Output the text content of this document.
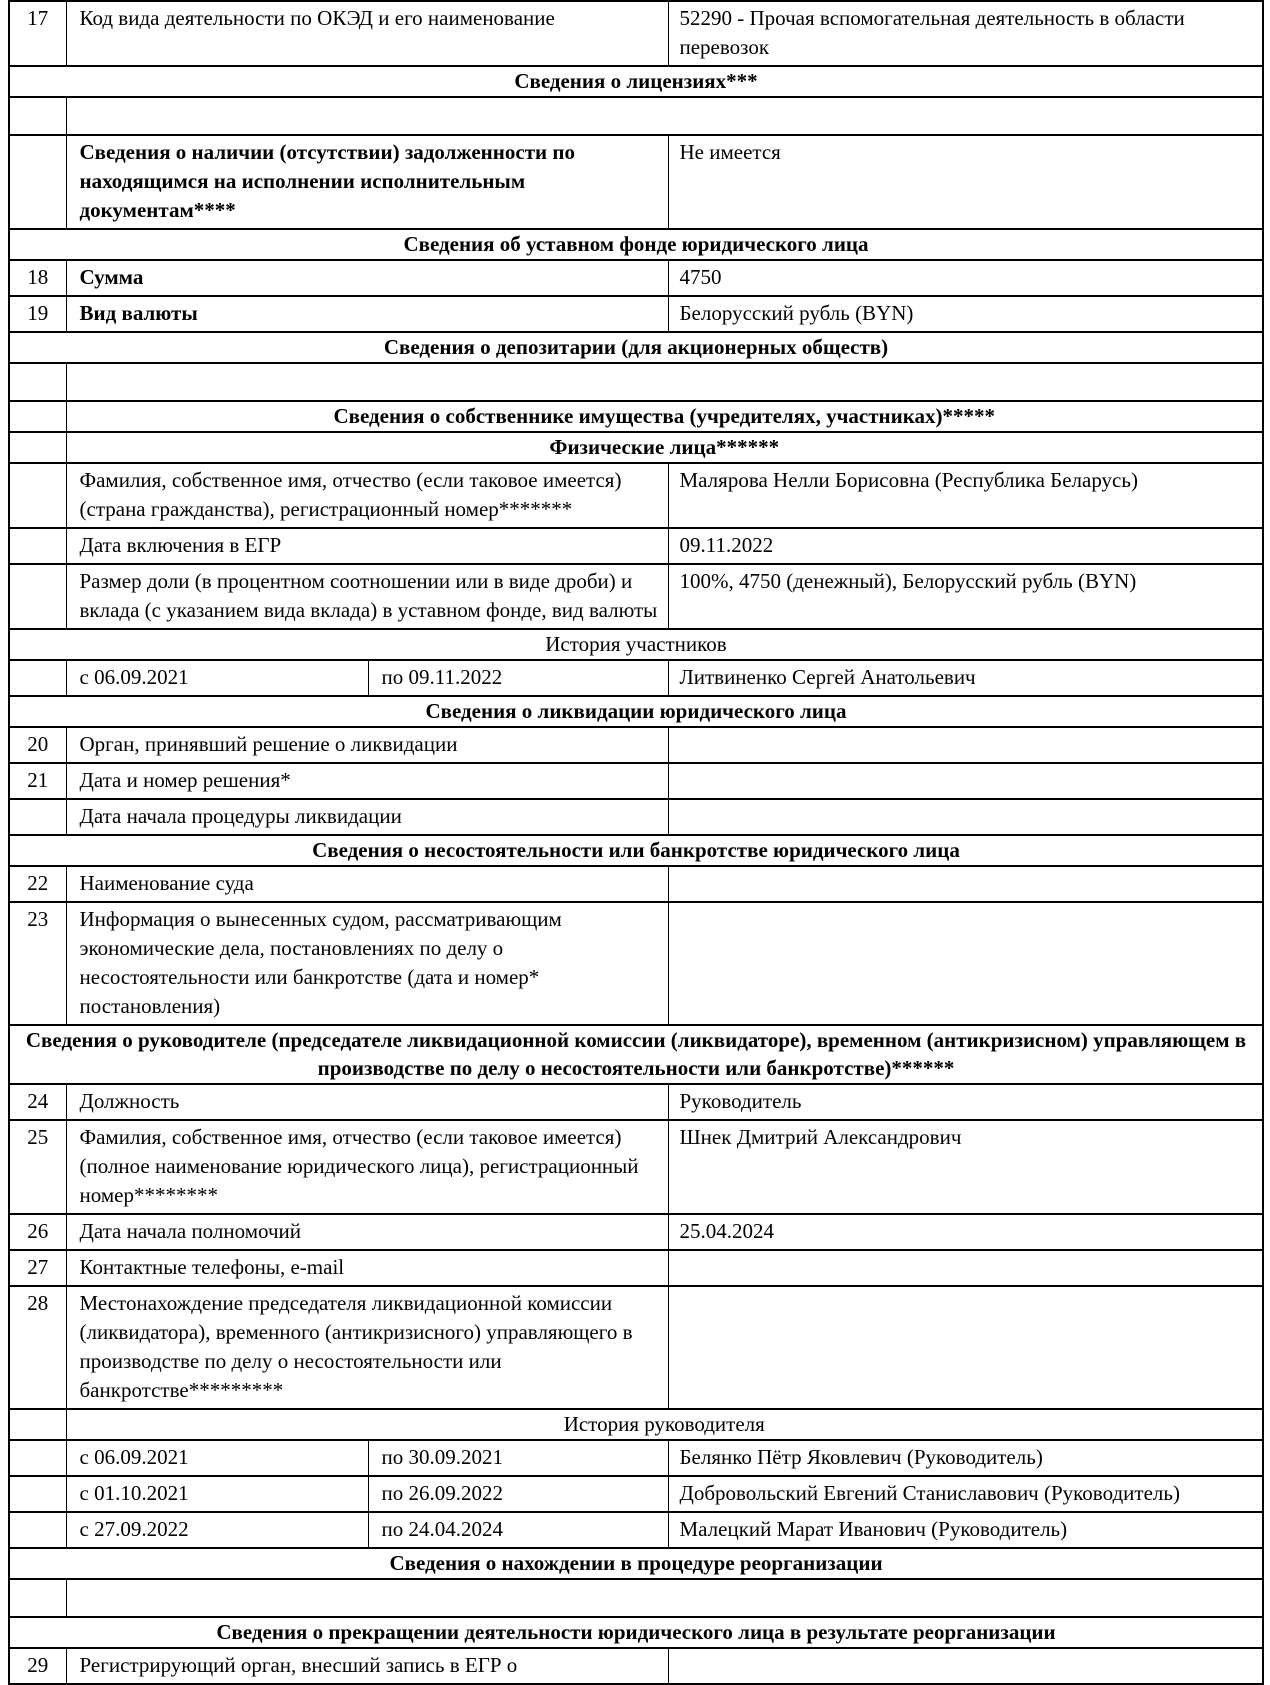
17	Код вида деятельности по ОКЭД и его наименование		52290 - Прочая вспомогательная деятельность в области перевозок
Сведения о лицензиях***			

	Сведения о наличии (отсутствии) задолженности по находящимся на исполнении исполнительным документам****		Не имеется
Сведения об уставном фонде юридического лица			
18	Сумма		4750
19	Вид валюты		Белорусский рубль (BYN)
Сведения о депозитарии (для акционерных обществ)			

	Сведения о собственнике имущества (учредителях, участниках)*****		
	Физические лица******		
	Фамилия, собственное имя, отчество (если таковое имеется) (страна гражданства), регистрационный номер*******		Малярова Нелли Борисовна (Республика Беларусь)
	Дата включения в ЕГР		09.11.2022
	Размер доли (в процентном соотношении или в виде дроби) и вклада (с указанием вида вклада) в уставном фонде, вид валюты		100%, 4750 (денежный), Белорусский рубль (BYN)
История участников			
	с 06.09.2021	по 09.11.2022	Литвиненко Сергей Анатольевич
Сведения о ликвидации юридического лица			
20	Орган, принявший решение о ликвидации		
21	Дата и номер решения*		
	Дата начала процедуры ликвидации		
Сведения о несостоятельности или банкротстве юридического лица			
22	Наименование суда		
23	Информация о вынесенных судом, рассматривающим экономические дела, постановлениях по делу о несостоятельности или банкротстве (дата и номер* постановления)		
Сведения о руководителе (председателе ликвидационной комиссии (ликвидаторе), временном (антикризисном) управляющем в производстве по делу о несостоятельности или банкротстве)******			
24	Должность		Руководитель
25	Фамилия, собственное имя, отчество (если таковое имеется) (полное наименование юридического лица), регистрационный номер********		Шнек Дмитрий Александрович
26	Дата начала полномочий		25.04.2024
27	Контактные телефоны, e-mail		
28	Местонахождение председателя ликвидационной комиссии (ликвидатора), временного (антикризисного) управляющего в производстве по делу о несостоятельности или банкротстве*********		
	История руководителя		
	с 06.09.2021	по 30.09.2021	Белянко Пётр Яковлевич (Руководитель)
	с 01.10.2021	по 26.09.2022	Добровольский Евгений Станиславович (Руководитель)
	с 27.09.2022	по 24.04.2024	Малецкий Марат Иванович (Руководитель)
Сведения о нахождении в процедуре реорганизации			

Сведения о прекращении деятельности юридического лица в результате реорганизации			
29	Регистрирующий орган, внесший запись в ЕГР о		
